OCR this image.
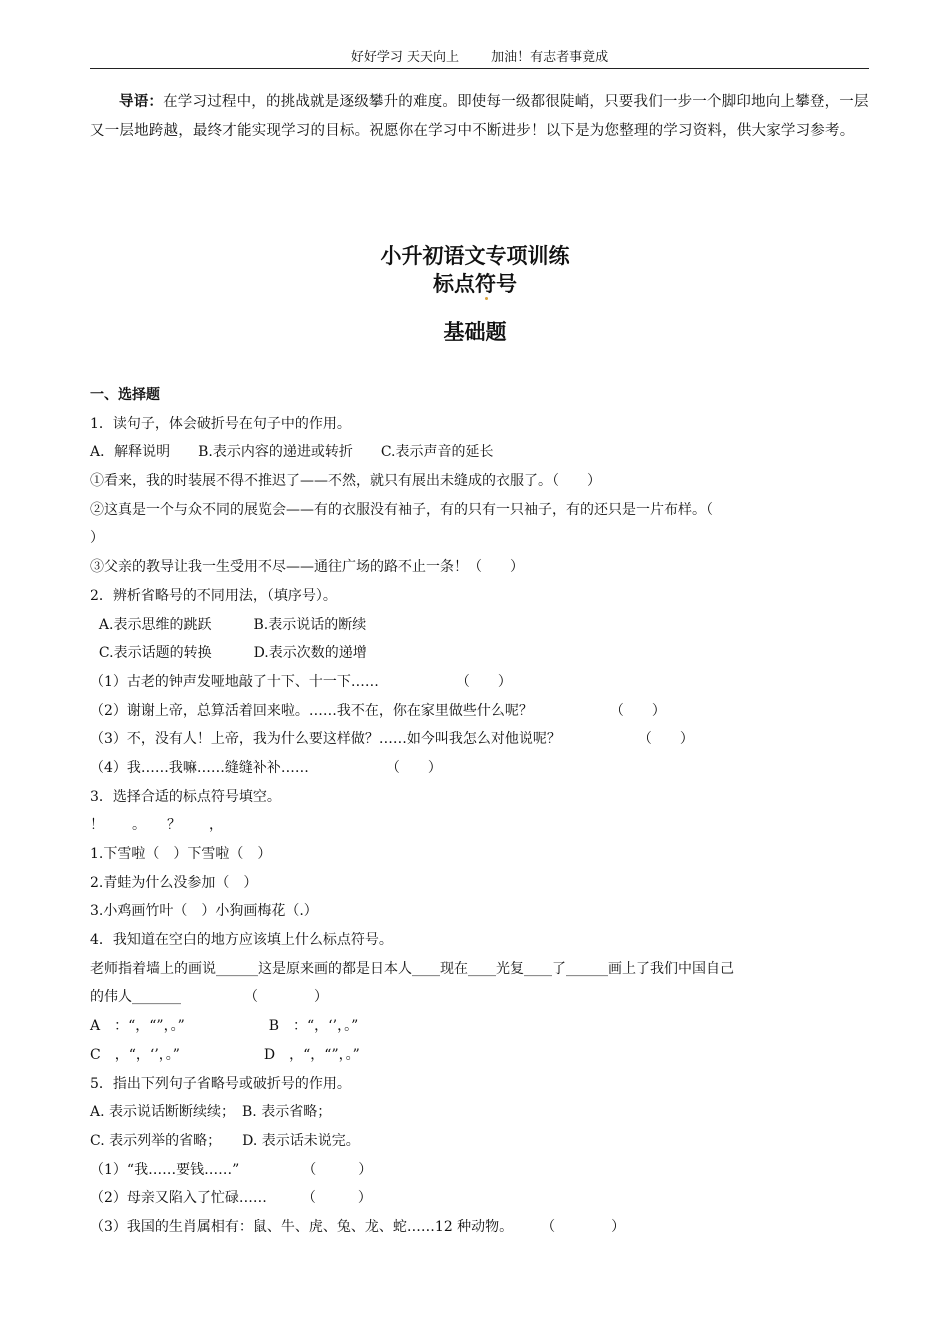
好好学习 天天向上 加油！有志者事竟成
导语：在学习过程中，的挑战就是逐级攀升的难度。即使每一级都很陡峭，只要我们一步一个脚印地向上攀登，一层又一层地跨越，最终才能实现学习的目标。祝愿你在学习中不断进步！以下是为您整理的学习资料，供大家学习参考。
小升初语文专项训练
标点符号
基础题
一、选择题
1．读句子，体会破折号在句子中的作用。
A．解释说明　　B.表示内容的递进或转折　　C.表示声音的延长
①看来，我的时装展不得不推迟了——不然，就只有展出未缝成的衣服了。（　　）
②这真是一个与众不同的展览会——有的衣服没有袖子，有的只有一只袖子，有的还只是一片布样。（
）
③父亲的教导让我一生受用不尽——通往广场的路不止一条！（　　）
2．辨析省略号的不同用法，（填序号）。
A.表示思维的跳跃　　　B.表示说话的断续
C.表示话题的转换　　　D.表示次数的递增
（1）古老的钟声发哑地敲了十下、十一下……　　　　　　（　　）
（2）谢谢上帝，总算活着回来啦。……我不在，你在家里做些什么呢？　　　　　　（　　）
（3）不，没有人！上帝，我为什么要这样做？……如今叫我怎么对他说呢？　　　　　　（　　）
（4）我……我嘛……缝缝补补……　　　　　　（　　）
3．选择合适的标点符号填空。
！　　。　　？　　，
1.下雪啦（　）下雪啦（　）
2.青蛙为什么没参加（　）
3.小鸡画竹叶（　）小狗画梅花（.）
4．我知道在空白的地方应该填上什么标点符号。
老师指着墙上的画说______这是原来画的都是日本人____现在____光复____了______画上了我们中国自己
的伟人_______　　　　　（　　　　）
A　：“，“”，。”　　　　　　B　：“，‘’，。”
C　，“，‘’，。”　　　　　　D　，“，“”，。”
5．指出下列句子省略号或破折号的作用。
A. 表示说话断断续续；　B. 表示省略；
C. 表示列举的省略；　　D. 表示话未说完。
（1）“我……要钱……”　　　　　（　　　）
（2）母亲又陷入了忙碌……　　　（　　　）
（3）我国的生肖属相有：鼠、牛、虎、兔、龙、蛇……12 种动物。　　　（　　　　）
